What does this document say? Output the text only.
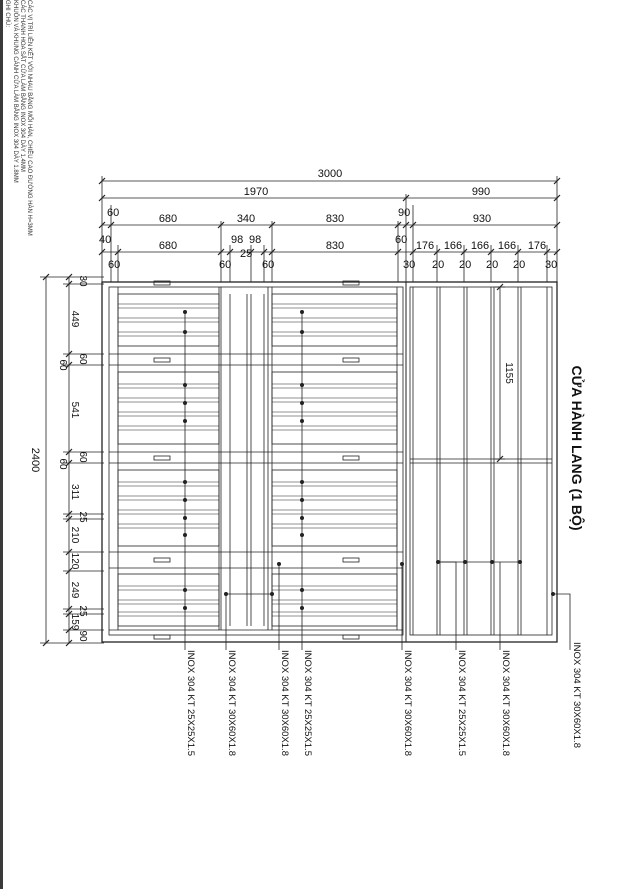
GHI CHÚ: KHUÔN VÀ KHUNG CÁNH CỬA LÀM BẰNG INOX 304 DÀY 1.8MM CÁC THANH HOA SẮT CỬA LÀM BẰNG INOX 304 DÀY 1.4MM CÁC VỊ TRÍ LIÊN KẾT VỚI NHAU BẰNG MỐI HÀN, CHIỀU CAO ĐƯỜNG HÀN H=3MM	3000
1970	990
60	680	340	830	90	930
40	680	98
25
98	830	60 176 166 166 166 176
60	60	60	30 20 20 20 20 30
2400
30
449
60
60
541
60
60
311
25
210
120
249
25
159
90
1155	CỬA HÀNH LANG (1 BỘ)
INOX 304 KT 25X25X1.5	INOX 304 KT 30X60X1.8	INOX 304 KT 30X60X1.8 INOX 304 KT 25X25X1.5	INOX 304 KT 30X60X1.8	INOX 304 KT 25X25X1.5	INOX 304 KT 30X60X1.8	INOX 304 KT 30X60X1.8
